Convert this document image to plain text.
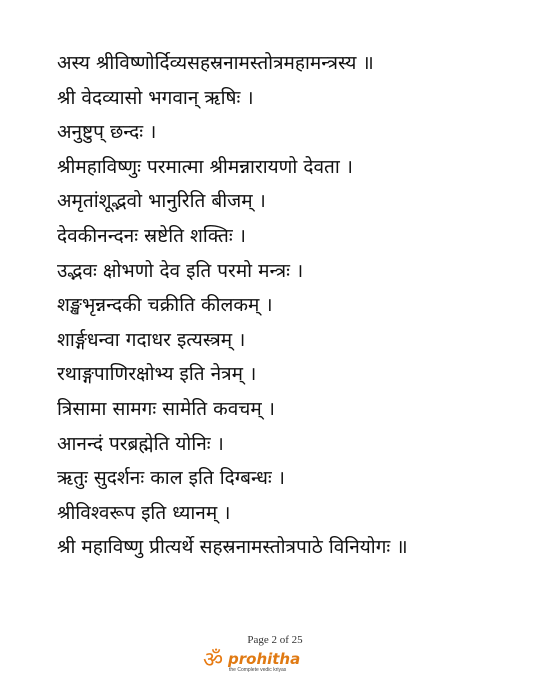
अस्य श्रीविष्णोर्दिव्यसहस्रनामस्तोत्रमहामन्त्रस्य ॥
श्री वेदव्यासो भगवान् ऋषिः ।
अनुष्टुप् छन्दः ।
श्रीमहाविष्णुः परमात्मा श्रीमन्नारायणो देवता ।
अमृतांशूद्भवो भानुरिति बीजम् ।
देवकीनन्दनः स्रष्टेति शक्तिः ।
उद्भवः क्षोभणो देव इति परमो मन्त्रः ।
शङ्खभृन्नन्दकी चक्रीति कीलकम् ।
शार्ङ्गधन्वा गदाधर इत्यस्त्रम् ।
रथाङ्गपाणिरक्षोभ्य इति नेत्रम् ।
त्रिसामा सामगः सामेति कवचम् ।
आनन्दं परब्रह्मेति योनिः ।
ऋतुः सुदर्शनः काल इति दिग्बन्धः ।
श्रीविश्वरूप इति ध्यानम् ।
श्री महाविष्णु प्रीत्यर्थे सहस्रनामस्तोत्रपाठे विनियोगः ॥
Page 2 of 25
ॐ prohitha
the Complete vedic kriyas
